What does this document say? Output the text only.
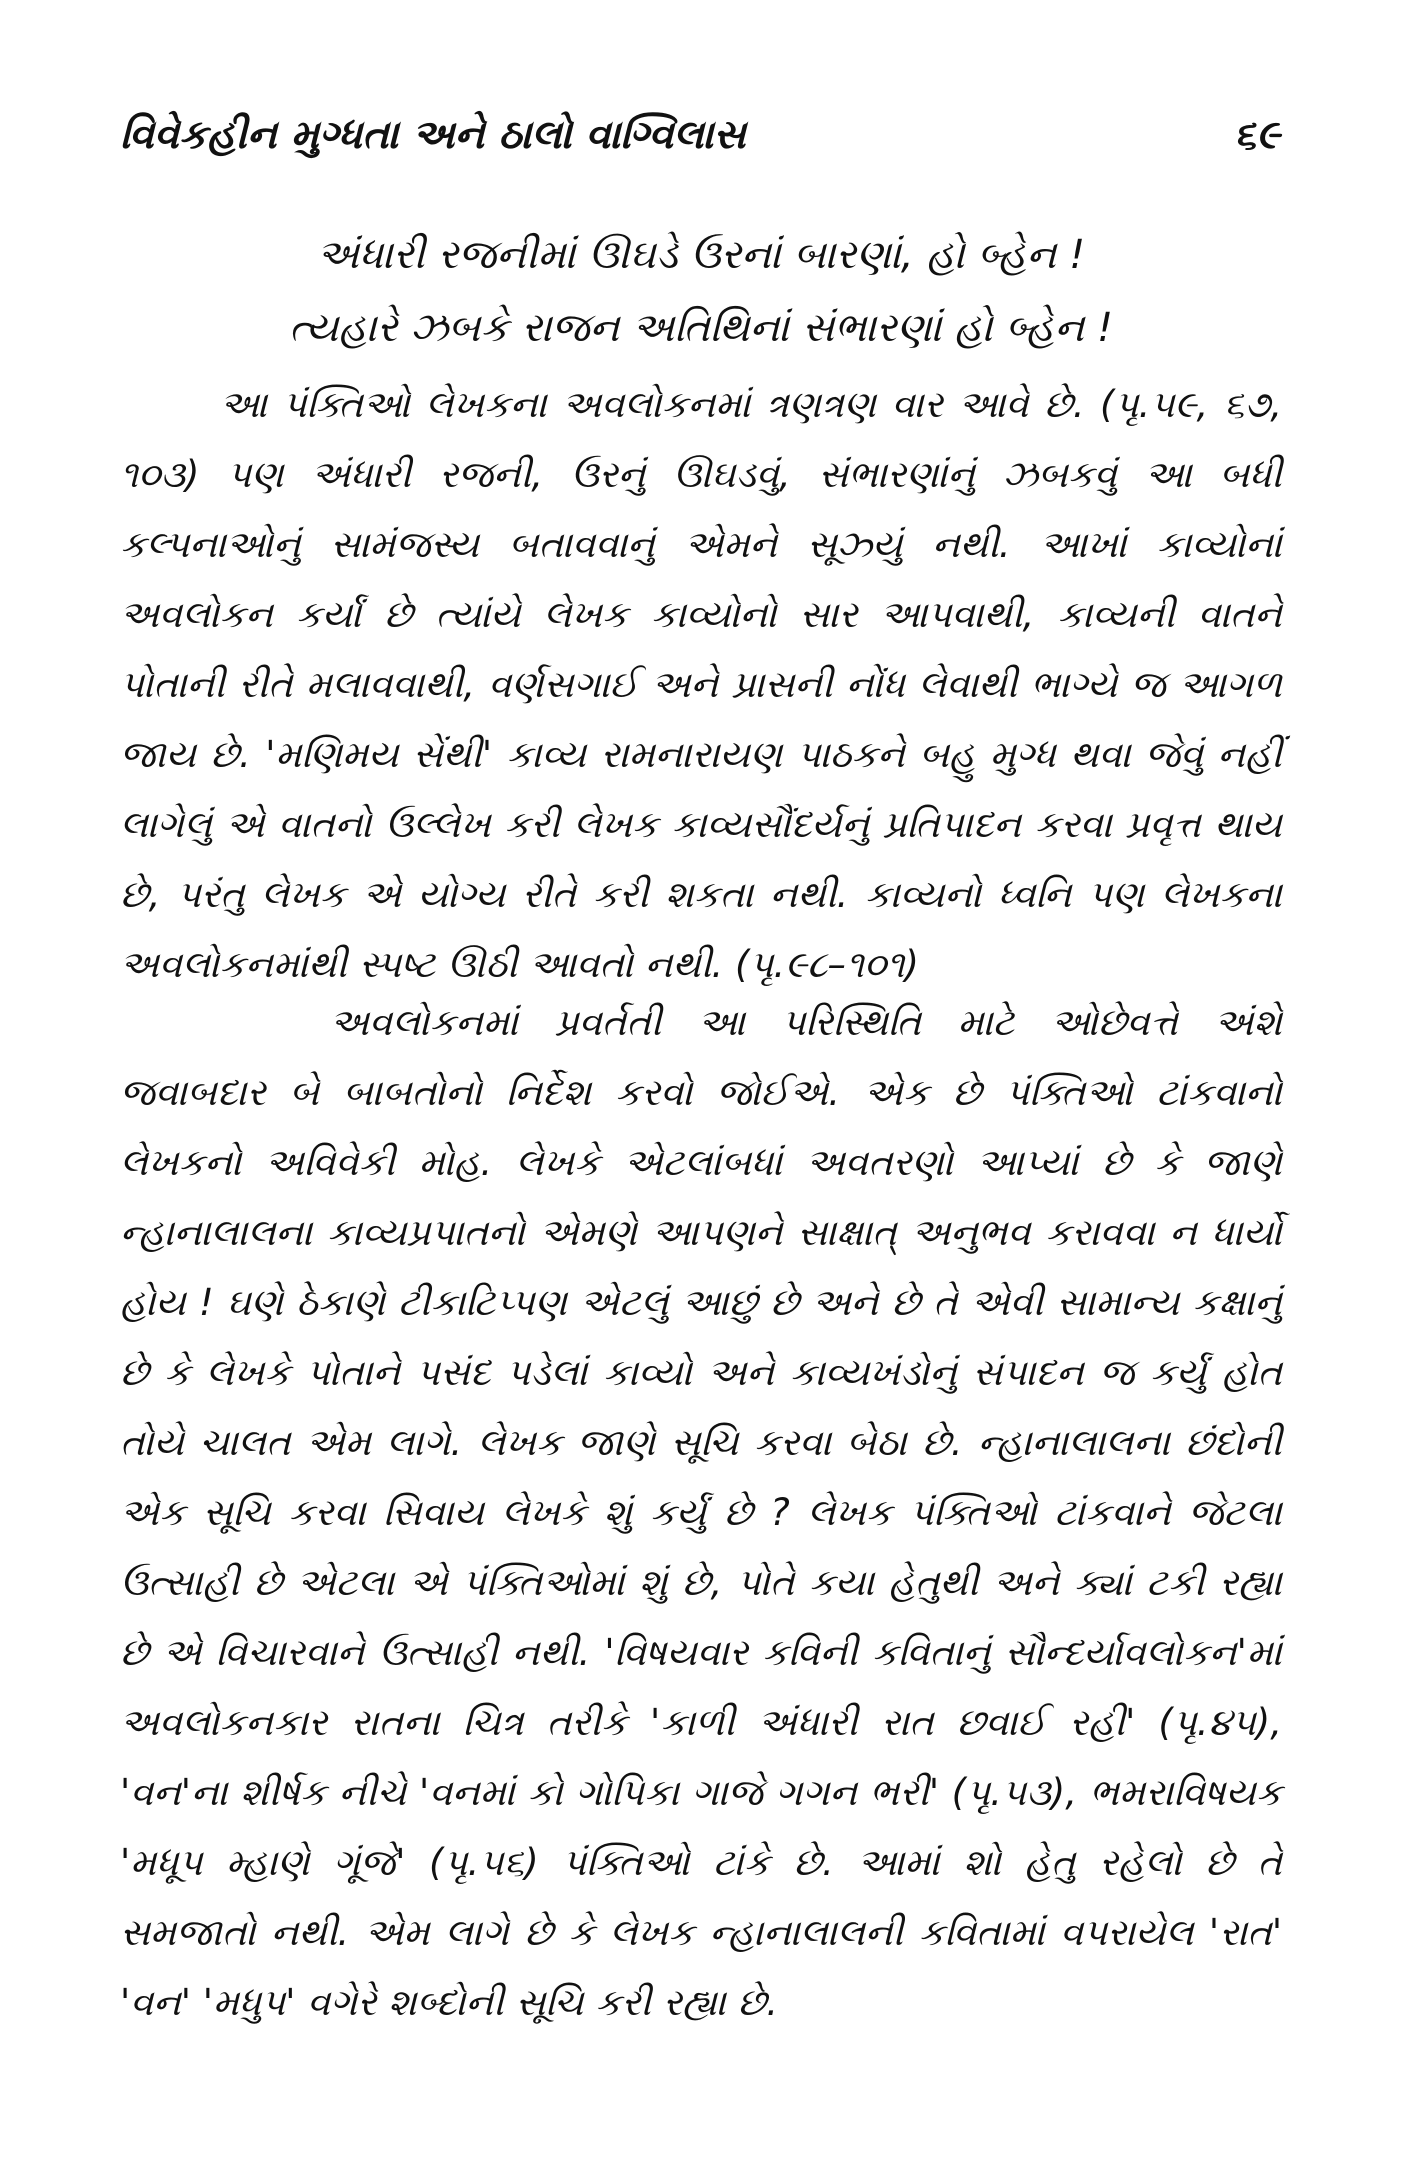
વિવેકહીન મુગ્ધતા અને ઠાલો વાગ્વિલાસ	૬૯
અંધારી રજનીમાં ઊઘડે ઉરનાં બારણાં, હો બ્હેન !
ત્યહારે ઝબકે રાજન અતિથિનાં સંભારણાં હો બ્હેન !

આ પંક્તિઓ લેખકના અવલોકનમાં ત્રણત્રણ વાર આવે છે. (પૃ.૫૯, ૬૭, ૧૦૩) પણ અંધારી રજની, ઉરનું ઊઘડવું, સંભારણાંનું ઝબકવું આ બધી કલ્પનાઓનું સામંજસ્ય બતાવવાનું એમને સૂઝ્યું નથી. આખાં કાવ્યોનાં અવલોકન કર્યાં છે ત્યાંયે લેખક કાવ્યોનો સાર આપવાથી, કાવ્યની વાતને પોતાની રીતે મલાવવાથી, વર્ણસગાઈ અને પ્રાસની નોંધ લેવાથી ભાગ્યે જ આગળ જાય છે. 'મણિમય સેંથી' કાવ્ય રામનારાયણ પાઠકને બહુ મુગ્ધ થવા જેવું નહીં લાગેલું એ વાતનો ઉલ્લેખ કરી લેખક કાવ્યસૌંદર્યનું પ્રતિપાદન કરવા પ્રવૃત્ત થાય છે, પરંતુ લેખક એ યોગ્ય રીતે કરી શકતા નથી. કાવ્યનો ધ્વનિ પણ લેખકના અવલોકનમાંથી સ્પષ્ટ ઊઠી આવતો નથી. (પૃ.૯૮–૧૦૧)

અવલોકનમાં પ્રવર્તતી આ પરિસ્થિતિ માટે ઓછેવત્તે અંશે જવાબદાર બે બાબતોનો નિર્દેશ કરવો જોઈએ. એક છે પંક્તિઓ ટાંકવાનો લેખકનો અવિવેકી મોહ. લેખકે એટલાંબધાં અવતરણો આપ્યાં છે કે જાણે ન્હાનાલાલના કાવ્યપ્રપાતનો એમણે આપણને સાક્ષાત્ અનુભવ કરાવવા ન ધાર્યો હોય ! ઘણે ઠેકાણે ટીકાટિપ્પણ એટલું આછું છે અને છે તે એવી સામાન્ય કક્ષાનું છે કે લેખકે પોતાને પસંદ પડેલાં કાવ્યો અને કાવ્યખંડોનું સંપાદન જ કર્યું હોત તોયે ચાલત એમ લાગે. લેખક જાણે સૂચિ કરવા બેઠા છે. ન્હાનાલાલના છંદોની એક સૂચિ કરવા સિવાય લેખકે શું કર્યું છે ? લેખક પંક્તિઓ ટાંકવાને જેટલા ઉત્સાહી છે એટલા એ પંક્તિઓમાં શું છે, પોતે કયા હેતુથી અને ક્યાં ટકી રહ્યા છે એ વિચારવાને ઉત્સાહી નથી. 'વિષયવાર કવિની કવિતાનું સૌન્દર્યાવલોકન'માં અવલોકનકાર રાતના ચિત્ર તરીકે 'કાળી અંધારી રાત છવાઈ રહી' (પૃ.૪૫), 'વન'ના શીર્ષક નીચે 'વનમાં કો ગોપિકા ગાજે ગગન ભરી' (પૃ.૫૩), ભમરાવિષયક 'મધૂપ મ્હાણે ગૂંજે' (પૃ.૫૬) પંક્તિઓ ટાંકે છે. આમાં શો હેતુ રહેલો છે તે સમજાતો નથી. એમ લાગે છે કે લેખક ન્હાનાલાલની કવિતામાં વપરાયેલ 'રાત' 'વન' 'મધુપ' વગેરે શબ્દોની સૂચિ કરી રહ્યા છે.
